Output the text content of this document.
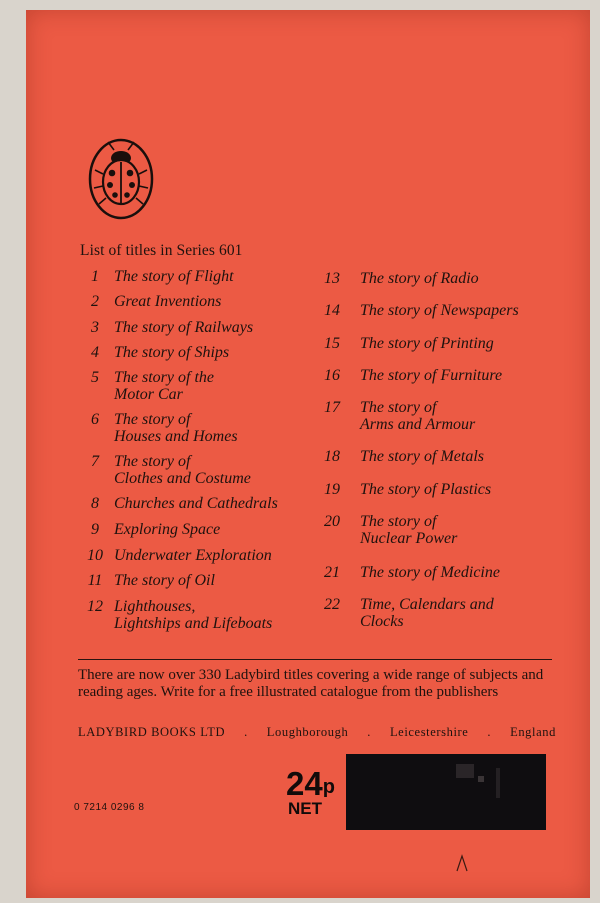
List of titles in Series 601
1 The story of Flight
2 Great Inventions
3 The story of Railways
4 The story of Ships
5 The story of the
Motor Car
6 The story of
Houses and Homes
7 The story of
Clothes and Costume
8 Churches and Cathedrals
9 Exploring Space
10 Underwater Exploration
11 The story of Oil
12 Lighthouses,
Lightships and Lifeboats
13	The story of Radio
14	The story of Newspapers
15	The story of Printing
16	The story of Furniture
17	The story of
Arms and Armour
18	The story of Metals
19	The story of Plastics
20	The story of
Nuclear Power
21	The story of Medicine
22	Time, Calendars and
Clocks
There are now over 330 Ladybird titles covering a wide range of subjects and reading ages. Write for a free illustrated catalogue from the publishers
LADYBIRD BOOKS LTD . Loughborough . Leicestershire . England
0 7214 0296 8
24p
NET
